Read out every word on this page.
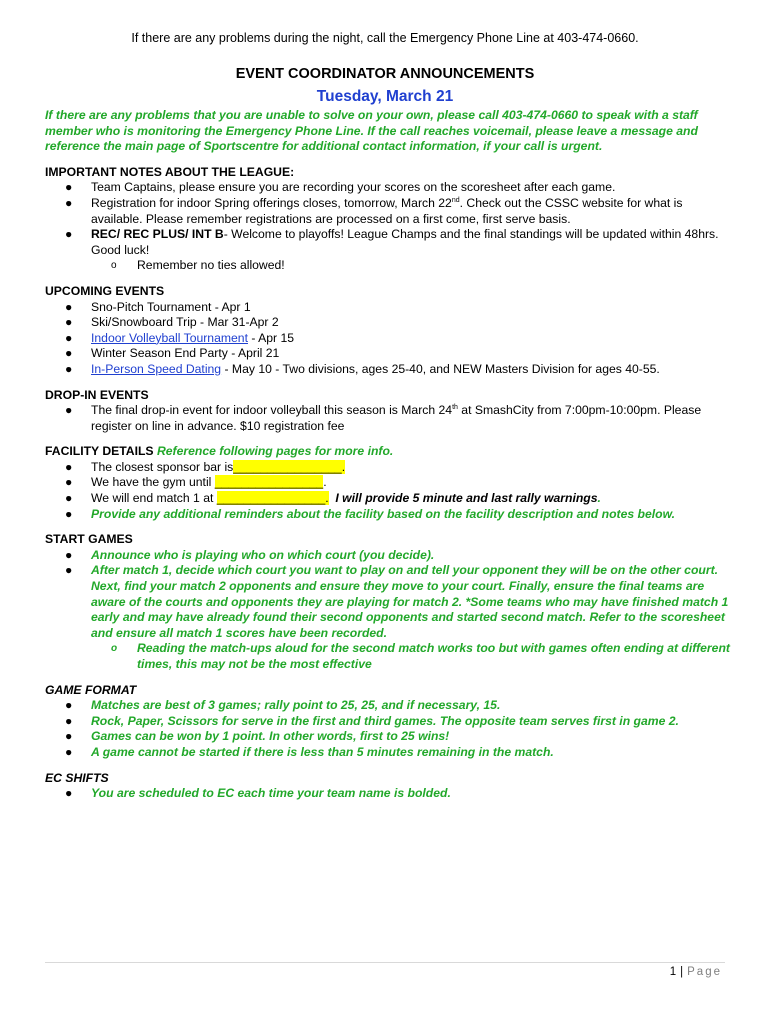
If there are any problems during the night, call the Emergency Phone Line at 403-474-0660.
EVENT COORDINATOR ANNOUNCEMENTS
Tuesday, March 21

If there are any problems that you are unable to solve on your own, please call 403-474-0660 to speak with a staff member who is monitoring the Emergency Phone Line. If the call reaches voicemail, please leave a message and reference the main page of Sportscentre for additional contact information, if your call is urgent.

IMPORTANT NOTES ABOUT THE LEAGUE:
● Team Captains, please ensure you are recording your scores on the scoresheet after each game.
● Registration for indoor Spring offerings closes, tomorrow, March 22nd. Check out the CSSC website for what is available. Please remember registrations are processed on a first come, first serve basis.
● REC/ REC PLUS/ INT B- Welcome to playoffs! League Champs and the final standings will be updated within 48hrs. Good luck!
o Remember no ties allowed!
UPCOMING EVENTS
● Sno-Pitch Tournament - Apr 1
● Ski/Snowboard Trip - Mar 31-Apr 2
● Indoor Volleyball Tournament - Apr 15
● Winter Season End Party - April 21
● In-Person Speed Dating - May 10 - Two divisions, ages 25-40, and NEW Masters Division for ages 40-55.
DROP-IN EVENTS
● The final drop-in event for indoor volleyball this season is March 24th at SmashCity from 7:00pm-10:00pm. Please register on line in advance. $10 registration fee
FACILITY DETAILS Reference following pages for more info.
● The closest sponsor bar is________________.
● We have the gym until ________________.
● We will end match 1 at ________________. I will provide 5 minute and last rally warnings.
● Provide any additional reminders about the facility based on the facility description and notes below.
START GAMES
● Announce who is playing who on which court (you decide).
● After match 1, decide which court you want to play on and tell your opponent they will be on the other court. Next, find your match 2 opponents and ensure they move to your court. Finally, ensure the final teams are aware of the courts and opponents they are playing for match 2. *Some teams who may have finished match 1 early and may have already found their second opponents and started second match. Refer to the scoresheet and ensure all match 1 scores have been recorded.
o Reading the match-ups aloud for the second match works too but with games often ending at different times, this may not be the most effective
GAME FORMAT
● Matches are best of 3 games; rally point to 25, 25, and if necessary, 15.
● Rock, Paper, Scissors for serve in the first and third games. The opposite team serves first in game 2.
● Games can be won by 1 point. In other words, first to 25 wins!
● A game cannot be started if there is less than 5 minutes remaining in the match.
EC SHIFTS
● You are scheduled to EC each time your team name is bolded.
1 | Page
